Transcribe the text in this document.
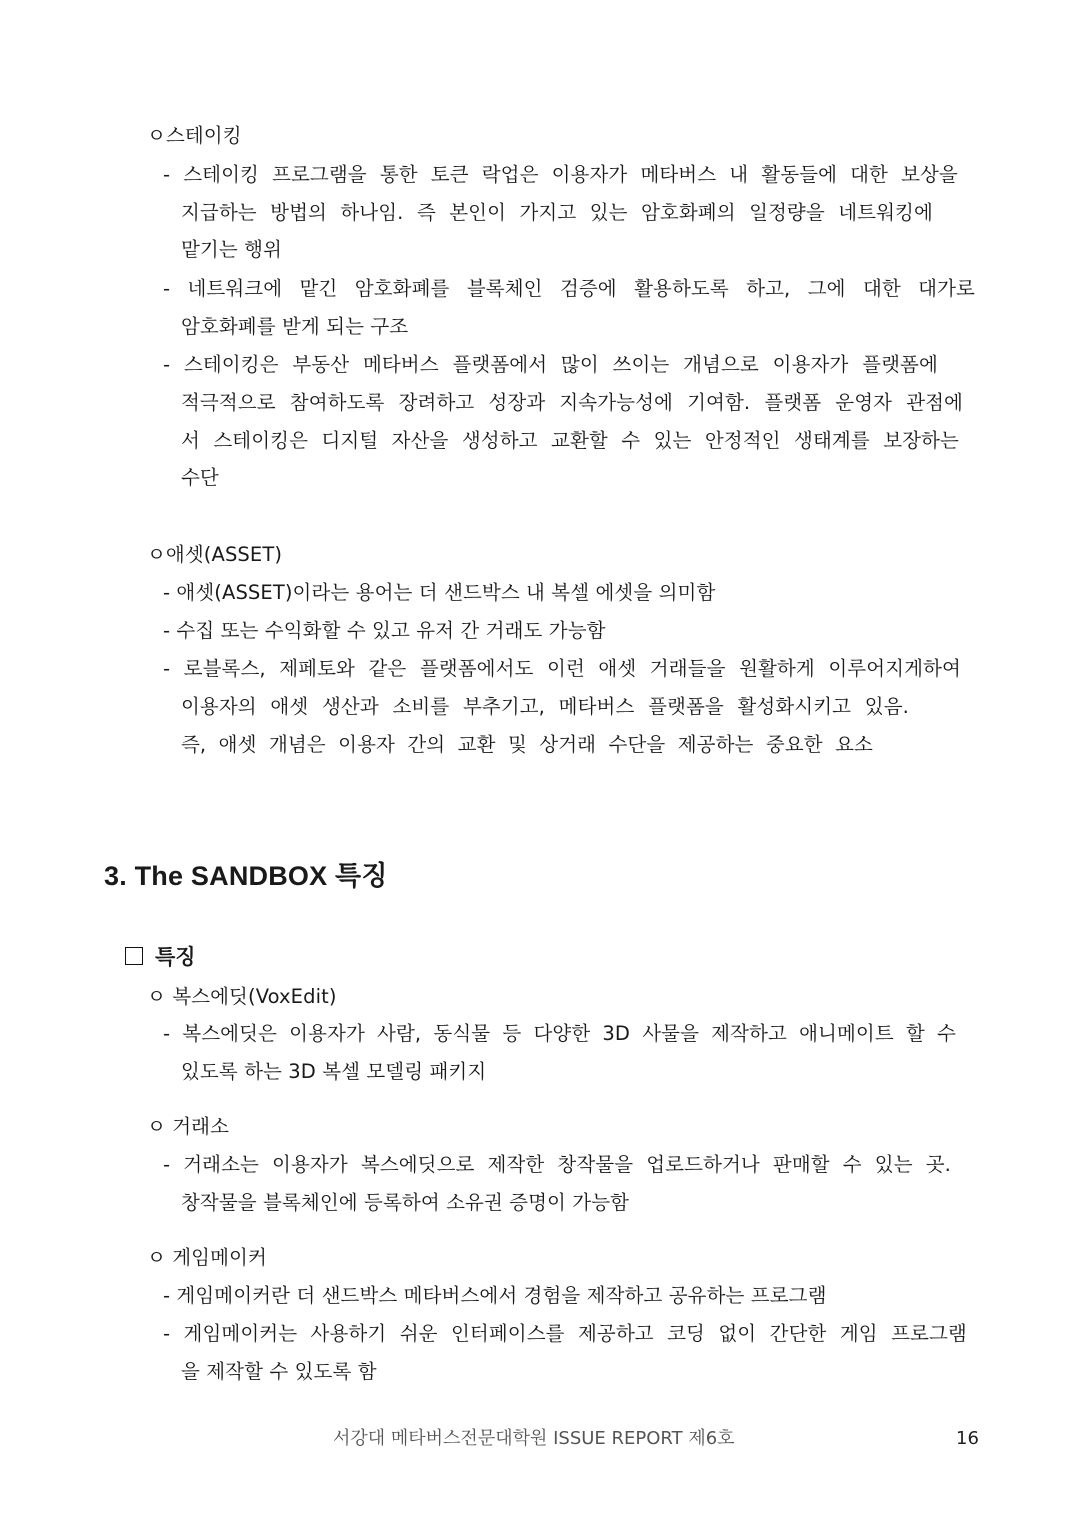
ㅇ스테이킹
- 스테이킹 프로그램을 통한 토큰 락업은 이용자가 메타버스 내 활동들에 대한 보상을
지급하는 방법의 하나임. 즉 본인이 가지고 있는 암호화폐의 일정량을 네트워킹에
맡기는 행위
- 네트워크에 맡긴 암호화폐를 블록체인 검증에 활용하도록 하고, 그에 대한 대가로
암호화폐를 받게 되는 구조
- 스테이킹은 부동산 메타버스 플랫폼에서 많이 쓰이는 개념으로 이용자가 플랫폼에
적극적으로 참여하도록 장려하고 성장과 지속가능성에 기여함. 플랫폼 운영자 관점에
서 스테이킹은 디지털 자산을 생성하고 교환할 수 있는 안정적인 생태계를 보장하는
수단
ㅇ애셋(ASSET)
- 애셋(ASSET)이라는 용어는 더 샌드박스 내 복셀 에셋을 의미함
- 수집 또는 수익화할 수 있고 유저 간 거래도 가능함
- 로블록스, 제페토와 같은 플랫폼에서도 이런 애셋 거래들을 원활하게 이루어지게하여
이용자의 애셋 생산과 소비를 부추기고, 메타버스 플랫폼을 활성화시키고 있음.
즉, 애셋 개념은 이용자 간의 교환 및 상거래 수단을 제공하는 중요한 요소
3. The SANDBOX 특징
특징
ㅇ 복스에딧(VoxEdit)
- 복스에딧은 이용자가 사람, 동식물 등 다양한 3D 사물을 제작하고 애니메이트 할 수
있도록 하는 3D 복셀 모델링 패키지
ㅇ 거래소
- 거래소는 이용자가 복스에딧으로 제작한 창작물을 업로드하거나 판매할 수 있는 곳.
창작물을 블록체인에 등록하여 소유권 증명이 가능함
ㅇ 게임메이커
- 게임메이커란 더 샌드박스 메타버스에서 경험을 제작하고 공유하는 프로그램
- 게임메이커는 사용하기 쉬운 인터페이스를 제공하고 코딩 없이 간단한 게임 프로그램
을 제작할 수 있도록 함
서강대 메타버스전문대학원 ISSUE REPORT 제6호	16
